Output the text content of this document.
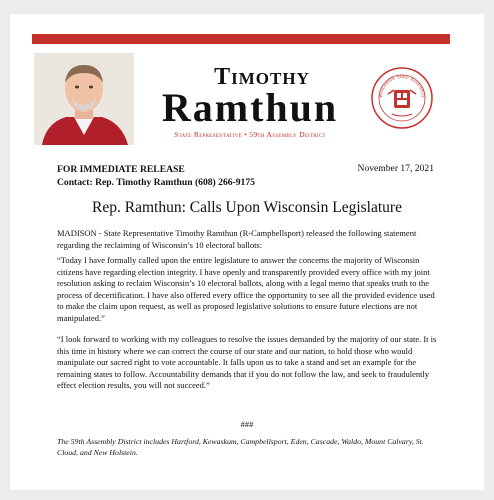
Timothy
Ramthun
State Representative • 59th Assembly District
Wisconsin State Assembly
FOR IMMEDIATE RELEASE
Contact: Rep. Timothy Ramthun (608) 266-9175
November 17, 2021
Rep. Ramthun: Calls Upon Wisconsin Legislature
MADISON - State Representative Timothy Ramthun (R-Campbellsport) released the following statement regarding the reclaiming of Wisconsin’s 10 electoral ballots:
“Today I have formally called upon the entire legislature to answer the concerns the majority of Wisconsin citizens have regarding election integrity. I have openly and transparently provided every office with my joint resolution asking to reclaim Wisconsin’s 10 electoral ballots, along with a legal memo that speaks truth to the process of decertification. I have also offered every office the opportunity to see all the provided evidence used to make the claim upon request, as well as proposed legislative solutions to ensure future elections are not manipulated.”
“I look forward to working with my colleagues to resolve the issues demanded by the majority of our state. It is this time in history where we can correct the course of our state and our nation, to hold those who would manipulate our sacred right to vote accountable. It falls upon us to take a stand and set an example for the remaining states to follow. Accountability demands that if you do not follow the law, and seek to fraudulently effect election results, you will not succeed.”
###
The 59th Assembly District includes Hartford, Kewaskum, Campbellsport, Eden, Cascade, Waldo, Mount Calvary, St. Cloud, and New Holstein.
